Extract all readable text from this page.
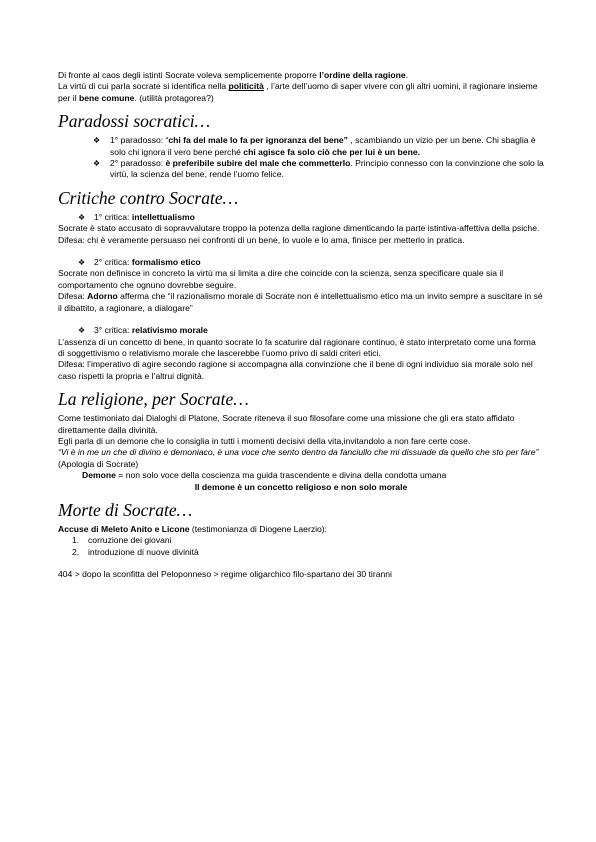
Di fronte al caos degli istinti Socrate voleva semplicemente proporre l’ordine della ragione.
La virtù di cui parla socrate si identifica nella politicità , l’arte dell’uomo di saper vivere con gli altri uomini, il ragionare insieme per il bene comune. (utilità protagorea?)

Paradossi socratici…

❖ 1° paradosso: “chi fa del male lo fa per ignoranza del bene” , scambiando un vizio per un bene. Chi sbaglia è solo chi ignora il vero bene perché chi agisce fa solo ciò che per lui è un bene.

❖ 2° paradosso: è preferibile subire del male che commetterlo. Principio connesso con la convinzione che solo la virtù, la scienza del bene, rende l’uomo felice.

Critiche contro Socrate…

❖ 1° critica: intellettualismo

Socrate è stato accusato di sopravvalutare troppo la potenza della ragione dimenticando la parte istintiva-affettiva della psiche.

Difesa: chi è veramente persuaso nei confronti di un bene, lo vuole e lo ama, finisce per metterlo in pratica.

❖ 2° critica: formalismo etico

Socrate non definisce in concreto la virtù ma si limita a dire che coincide con la scienza, senza specificare quale sia il comportamento che ognuno dovrebbe seguire.

Difesa: Adorno afferma che “il razionalismo morale di Socrate non è intellettualismo etico ma un invito sempre a suscitare in sé il dibattito, a ragionare, a dialogare”

❖ 3° critica: relativismo morale

L’assenza di un concetto di bene, in quanto socrate lo fa scaturire dal ragionare continuo, è stato interpretato come una forma di soggettivismo o relativismo morale che lascerebbe l’uomo privo di saldi criteri etici.

Difesa: l’imperativo di agire secondo ragione si accompagna alla convinzione che il bene di ogni individuo sia morale solo nel caso rispetti la propria e l’altrui dignità.

La religione, per Socrate…

Come testimoniato dai Dialoghi di Platone, Socrate riteneva il suo filosofare come una missione che gli era stato affidato direttamente dalla divinità.

Egli parla di un demone che lo consiglia in tutti i momenti decisivi della vita,invitandolo a non fare certe cose.

“Vi è in me un che di divino e demoniaco, è una voce che sento dentro da fanciullo che mi dissuade da quello che sto per fare” (Apologia di Socrate)

Demone = non solo voce della coscienza ma guida trascendente e divina della condotta umana

Il demone è un concetto religioso e non solo morale

Morte di Socrate…

Accuse di Meleto Anito e Licone (testimonianza di Diogene Laerzio):

1. corruzione dei giovani

2. introduzione di nuove divinità

404 > dopo la sconfitta del Peloponneso > regime oligarchico filo-spartano dei 30 tiranni
